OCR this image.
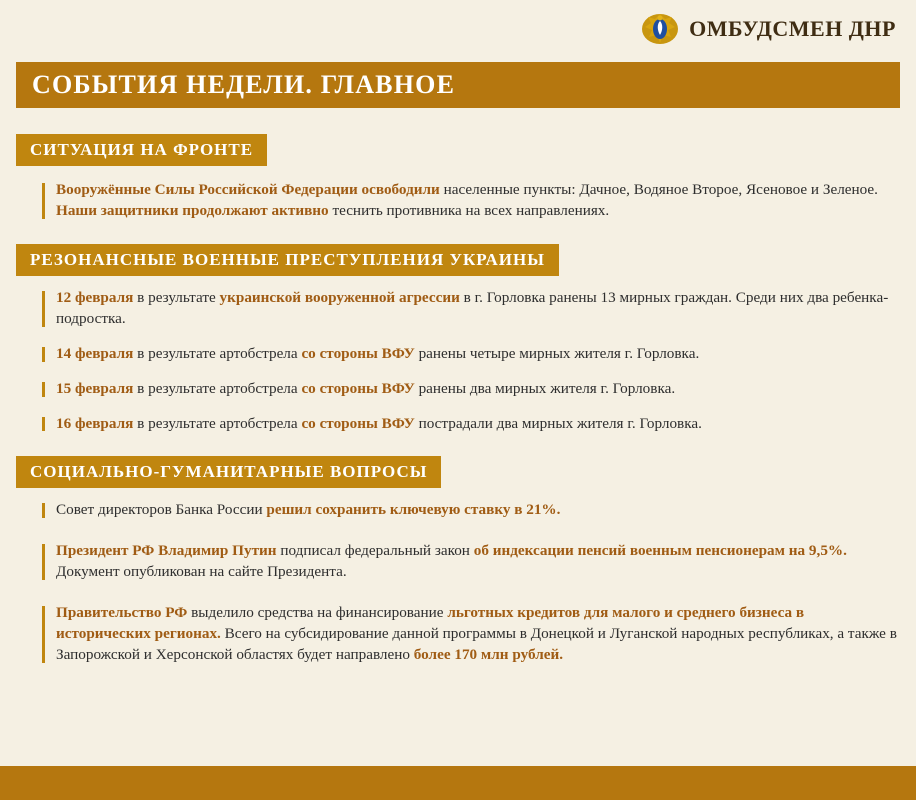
ОМБУДСМЕН ДНР
СОБЫТИЯ НЕДЕЛИ. ГЛАВНОЕ
СИТУАЦИЯ НА ФРОНТЕ
Вооружённые Силы Российской Федерации освободили населенные пункты: Дачное, Водяное Второе, Ясеновое и Зеленое. Наши защитники продолжают активно теснить противника на всех направлениях.
РЕЗОНАНСНЫЕ ВОЕННЫЕ ПРЕСТУПЛЕНИЯ УКРАИНЫ
12 февраля в результате украинской вооруженной агрессии в г. Горловка ранены 13 мирных граждан. Среди них два ребенка-подростка.
14 февраля в результате артобстрела со стороны ВФУ ранены четыре мирных жителя г. Горловка.
15 февраля в результате артобстрела со стороны ВФУ ранены два мирных жителя г. Горловка.
16 февраля в результате артобстрела со стороны ВФУ пострадали два мирных жителя г. Горловка.
СОЦИАЛЬНО-ГУМАНИТАРНЫЕ ВОПРОСЫ
Совет директоров Банка России решил сохранить ключевую ставку в 21%.
Президент РФ Владимир Путин подписал федеральный закон об индексации пенсий военным пенсионерам на 9,5%. Документ опубликован на сайте Президента.
Правительство РФ выделило средства на финансирование льготных кредитов для малого и среднего бизнеса в исторических регионах. Всего на субсидирование данной программы в Донецкой и Луганской народных республиках, а также в Запорожской и Херсонской областях будет направлено более 170 млн рублей.
